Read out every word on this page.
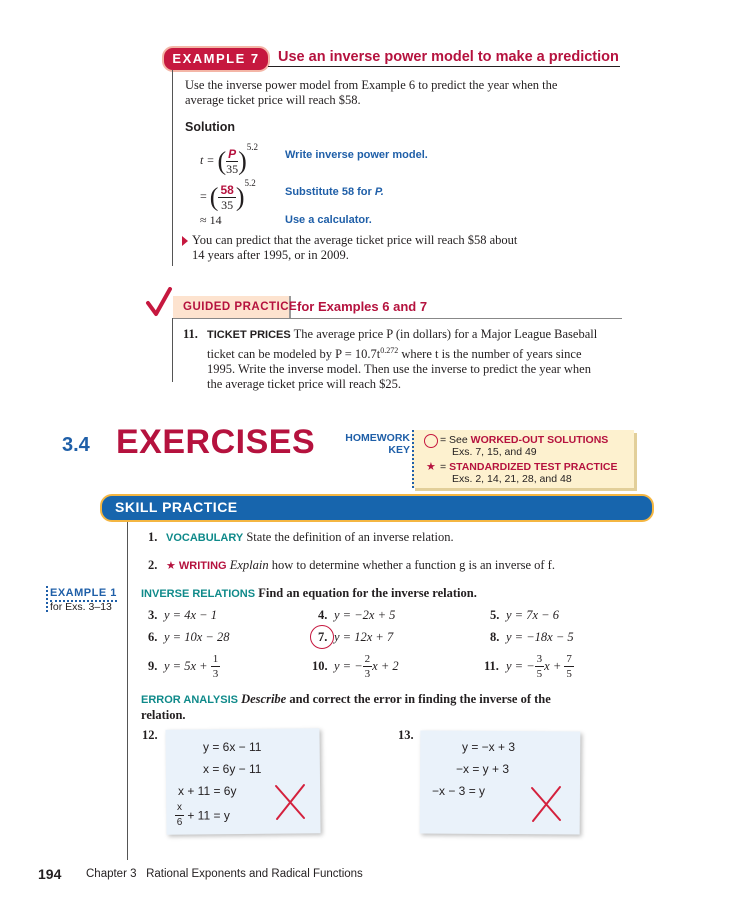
EXAMPLE 7	Use an inverse power model to make a prediction
Use the inverse power model from Example 6 to predict the year when the
average ticket price will reach $58.
Solution
t = ( $\frac{P}{35} )^{5.2}$
Write inverse power model.
= ( $\frac{58}{35} )^{5.2}$
Substitute 58 for P.
≈ 14	Use a calculator.
You can predict that the average ticket price will reach $58 about
14 years after 1995, or in 2009.
GUIDED PRACTICE for Examples 6 and 7
11. TICKET PRICES The average price P (in dollars) for a Major League Baseball
ticket can be modeled by $P = 10.7t^{0.272}$ where t is the number of years since
1995. Write the inverse model. Then use the inverse to predict the year when
the average ticket price will reach $25.
3.4 EXERCISES	HOMEWORK
KEY
= See WORKED-OUT SOLUTIONS
Exs. 7, 15, and 49
★ = STANDARDIZED TEST PRACTICE
Exs. 2, 14, 21, 28, and 48
SKILL PRACTICE
1. VOCABULARY State the definition of an inverse relation.
2. ★ WRITING Explain how to determine whether a function g is an inverse of f.
EXAMPLE 1
for Exs. 3–13
INVERSE RELATIONS Find an equation for the inverse relation.
3. y = 4x − 1	4. y = −2x + 5	5. y = 7x − 6
6. y = 10x − 28	7. y = 12x + 7	8. y = −18x − 5
9. $y = 5x + \frac{1}{3}$	10. y = − $\frac{2}{3}$ x + 2	11. y = − $\frac{3}{5}$ $x + \frac{7}{5}$
ERROR ANALYSIS Describe and correct the error in finding the inverse of the
relation.
12.
y = 6x − 11
x = 6y − 11
x + 11 = 6y
$\frac{x}{6} + 11 = y$
13.
y = −x + 3
−x = y + 3
−x − 3 = y
194 Chapter 3   Rational Exponents and Radical Functions
